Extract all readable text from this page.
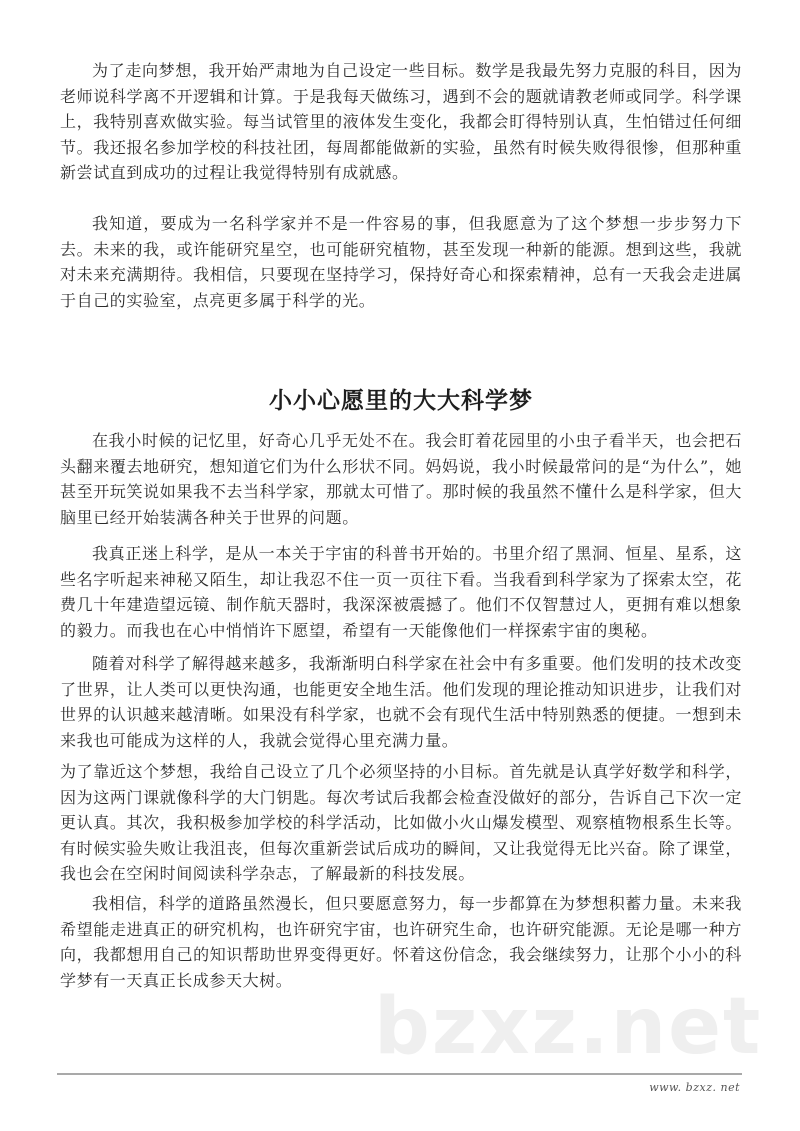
为了走向梦想，我开始严肃地为自己设定一些目标。数学是我最先努力克服的科目，因为老师说科学离不开逻辑和计算。于是我每天做练习，遇到不会的题就请教老师或同学。科学课上，我特别喜欢做实验。每当试管里的液体发生变化，我都会盯得特别认真，生怕错过任何细节。我还报名参加学校的科技社团，每周都能做新的实验，虽然有时候失败得很惨，但那种重新尝试直到成功的过程让我觉得特别有成就感。

我知道，要成为一名科学家并不是一件容易的事，但我愿意为了这个梦想一步步努力下去。未来的我，或许能研究星空，也可能研究植物，甚至发现一种新的能源。想到这些，我就对未来充满期待。我相信，只要现在坚持学习，保持好奇心和探索精神，总有一天我会走进属于自己的实验室，点亮更多属于科学的光。

小小心愿里的大大科学梦

在我小时候的记忆里，好奇心几乎无处不在。我会盯着花园里的小虫子看半天，也会把石头翻来覆去地研究，想知道它们为什么形状不同。妈妈说，我小时候最常问的是“为什么”，她甚至开玩笑说如果我不去当科学家，那就太可惜了。那时候的我虽然不懂什么是科学家，但大脑里已经开始装满各种关于世界的问题。

我真正迷上科学，是从一本关于宇宙的科普书开始的。书里介绍了黑洞、恒星、星系，这些名字听起来神秘又陌生，却让我忍不住一页一页往下看。当我看到科学家为了探索太空，花费几十年建造望远镜、制作航天器时，我深深被震撼了。他们不仅智慧过人，更拥有难以想象的毅力。而我也在心中悄悄许下愿望，希望有一天能像他们一样探索宇宙的奥秘。

随着对科学了解得越来越多，我渐渐明白科学家在社会中有多重要。他们发明的技术改变了世界，让人类可以更快沟通，也能更安全地生活。他们发现的理论推动知识进步，让我们对世界的认识越来越清晰。如果没有科学家，也就不会有现代生活中特别熟悉的便捷。一想到未来我也可能成为这样的人，我就会觉得心里充满力量。

为了靠近这个梦想，我给自己设立了几个必须坚持的小目标。首先就是认真学好数学和科学，因为这两门课就像科学的大门钥匙。每次考试后我都会检查没做好的部分，告诉自己下次一定更认真。其次，我积极参加学校的科学活动，比如做小火山爆发模型、观察植物根系生长等。有时候实验失败让我沮丧，但每次重新尝试后成功的瞬间，又让我觉得无比兴奋。除了课堂，我也会在空闲时间阅读科学杂志，了解最新的科技发展。

我相信，科学的道路虽然漫长，但只要愿意努力，每一步都算在为梦想积蓄力量。未来我希望能走进真正的研究机构，也许研究宇宙，也许研究生命，也许研究能源。无论是哪一种方向，我都想用自己的知识帮助世界变得更好。怀着这份信念，我会继续努力，让那个小小的科学梦有一天真正长成参天大树。

bzxz.net
www. bzxz. net
